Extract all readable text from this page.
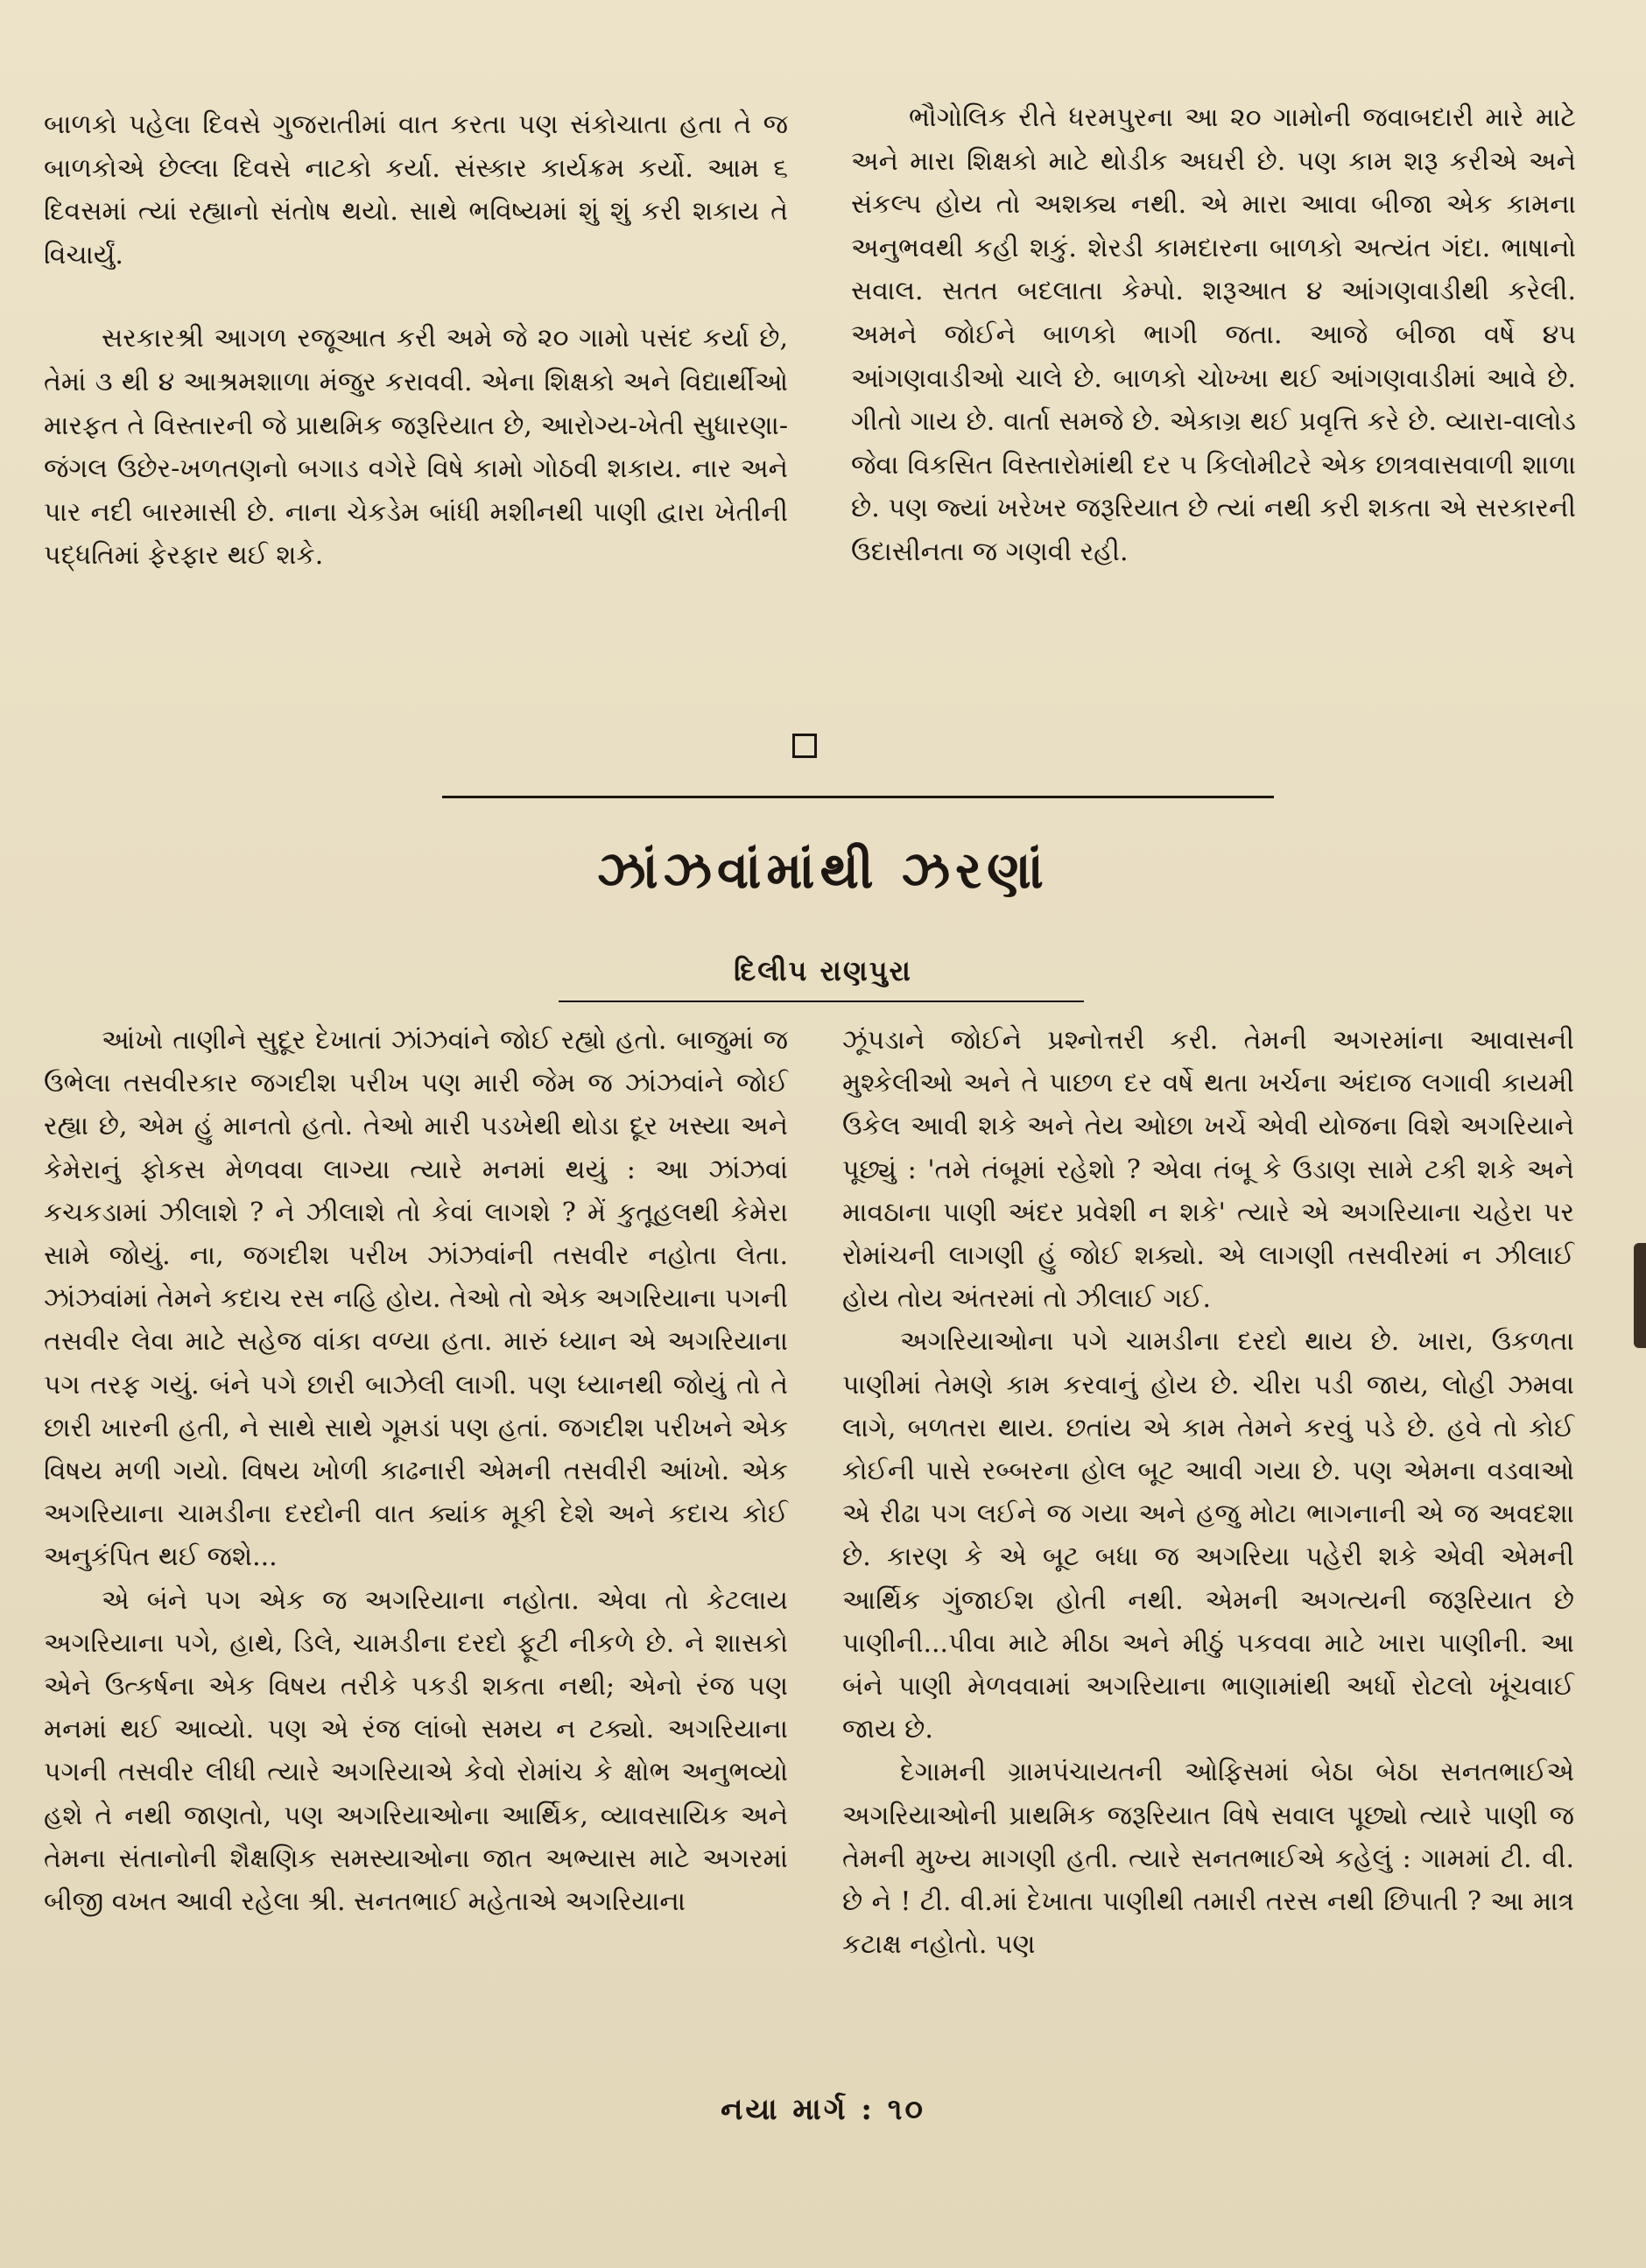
બાળકો પહેલા દિવસે ગુજરાતીમાં વાત કરતા પણ સંકોચાતા હતા તે જ બાળકોએ છેલ્લા દિવસે નાટકો કર્યા. સંસ્કાર કાર્યક્રમ કર્યો. આમ ૬ દિવસમાં ત્યાં રહ્યાનો સંતોષ થયો. સાથે ભવિષ્યમાં શું શું કરી શકાય તે વિચાર્યું.

સરકારશ્રી આગળ રજૂઆત કરી અમે જે ૨૦ ગામો પસંદ કર્યા છે, તેમાં ૩ થી ૪ આશ્રમશાળા મંજુર કરાવવી. એના શિક્ષકો અને વિદ્યાર્થીઓ મારફત તે વિસ્તારની જે પ્રાથમિક જરૂરિયાત છે, આરોગ્ય-ખેતી સુધારણા-જંગલ ઉછેર-ખળતણનો બગાડ વગેરે વિષે કામો ગોઠવી શકાય. નાર અને પાર નદી બારમાસી છે. નાના ચેકડેમ બાંધી મશીનથી પાણી દ્વારા ખેતીની પદ્ધતિમાં ફેરફાર થઈ શકે.

ભૌગોલિક રીતે ધરમપુરના આ ૨૦ ગામોની જવાબદારી મારે માટે અને મારા શિક્ષકો માટે થોડીક અઘરી છે. પણ કામ શરૂ કરીએ અને સંકલ્પ હોય તો અશક્ય નથી. એ મારા આવા બીજા એક કામના અનુભવથી કહી શકું. શેરડી કામદારના બાળકો અત્યંત ગંદા. ભાષાનો સવાલ. સતત બદલાતા કેમ્પો. શરૂઆત ૪ આંગણવાડીથી કરેલી. અમને જોઈને બાળકો ભાગી જતા. આજે બીજા વર્ષે ૪૫ આંગણવાડીઓ ચાલે છે. બાળકો ચોખ્ખા થઈ આંગણવાડીમાં આવે છે. ગીતો ગાય છે. વાર્તા સમજે છે. એકાગ્ર થઈ પ્રવૃત્તિ કરે છે. વ્યારા-વાલોડ જેવા વિકસિત વિસ્તારોમાંથી દર ૫ કિલોમીટરે એક છાત્રવાસવાળી શાળા છે. પણ જ્યાં ખરેખર જરૂરિયાત છે ત્યાં નથી કરી શકતા એ સરકારની ઉદાસીનતા જ ગણવી રહી.

ઝાંઝવાંમાંથી ઝરણાં
દિલીપ રાણપુરા

આંખો તાણીને સુદૂર દેખાતાં ઝાંઝવાંને જોઈ રહ્યો હતો. બાજુમાં જ ઉભેલા તસવીરકાર જગદીશ પરીખ પણ મારી જેમ જ ઝાંઝવાંને જોઈ રહ્યા છે, એમ હું માનતો હતો. તેઓ મારી પડખેથી થોડા દૂર ખસ્યા અને કેમેરાનું ફોકસ મેળવવા લાગ્યા ત્યારે મનમાં થયું : આ ઝાંઝવાં કચકડામાં ઝીલાશે ? ને ઝીલાશે તો કેવાં લાગશે ? મેં કુતૂહલથી કેમેરા સામે જોયું. ના, જગદીશ પરીખ ઝાંઝવાંની તસવીર નહોતા લેતા. ઝાંઝવાંમાં તેમને કદાચ રસ નહિ હોય. તેઓ તો એક અગરિયાના પગની તસવીર લેવા માટે સહેજ વાંકા વળ્યા હતા. મારું ધ્યાન એ અગરિયાના પગ તરફ ગયું. બંને પગે છારી બાઝેલી લાગી. પણ ધ્યાનથી જોયું તો તે છારી ખારની હતી, ને સાથે સાથે ગૂમડાં પણ હતાં. જગદીશ પરીખને એક વિષય મળી ગયો. વિષય ખોળી કાઢનારી એમની તસવીરી આંખો. એક અગરિયાના ચામડીના દરદોની વાત ક્યાંક મૂકી દેશે અને કદાચ કોઈ અનુકંપિત થઈ જશે...

એ બંને પગ એક જ અગરિયાના નહોતા. એવા તો કેટલાય અગરિયાના પગે, હાથે, ડિલે, ચામડીના દરદો ફૂટી નીકળે છે. ને શાસકો એને ઉત્કર્ષના એક વિષય તરીકે પકડી શકતા નથી; એનો રંજ પણ મનમાં થઈ આવ્યો. પણ એ રંજ લાંબો સમય ન ટક્યો. અગરિયાના પગની તસવીર લીધી ત્યારે અગરિયાએ કેવો રોમાંચ કે ક્ષોભ અનુભવ્યો હશે તે નથી જાણતો, પણ અગરિયાઓના આર્થિક, વ્યાવસાયિક અને તેમના સંતાનોની શૈક્ષણિક સમસ્યાઓના જાત અભ્યાસ માટે અગરમાં બીજી વખત આવી રહેલા શ્રી. સનતભાઈ મહેતાએ અગરિયાના

ઝૂંપડાને જોઈને પ્રશ્નોત્તરી કરી. તેમની અગરમાંના આવાસની મુશ્કેલીઓ અને તે પાછળ દર વર્ષે થતા ખર્ચના અંદાજ લગાવી કાયમી ઉકેલ આવી શકે અને તેય ઓછા ખર્ચે એવી યોજના વિશે અગરિયાને પૂછ્યું : 'તમે તંબૂમાં રહેશો ? એવા તંબૂ કે ઉડાણ સામે ટકી શકે અને માવઠાના પાણી અંદર પ્રવેશી ન શકે' ત્યારે એ અગરિયાના ચહેરા પર રોમાંચની લાગણી હું જોઈ શક્યો. એ લાગણી તસવીરમાં ન ઝીલાઈ હોય તોય અંતરમાં તો ઝીલાઈ ગઈ.

અગરિયાઓના પગે ચામડીના દરદો થાય છે. ખારા, ઉકળતા પાણીમાં તેમણે કામ કરવાનું હોય છે. ચીરા પડી જાય, લોહી ઝમવા લાગે, બળતરા થાય. છતાંય એ કામ તેમને કરવું પડે છે. હવે તો કોઈ કોઈની પાસે રબ્બરના હોલ બૂટ આવી ગયા છે. પણ એમના વડવાઓ એ રીઢા પગ લઈને જ ગયા અને હજુ મોટા ભાગનાની એ જ અવદશા છે. કારણ કે એ બૂટ બધા જ અગરિયા પહેરી શકે એવી એમની આર્થિક ગુંજાઈશ હોતી નથી. એમની અગત્યની જરૂરિયાત છે પાણીની...પીવા માટે મીઠા અને મીઠું પકવવા માટે ખારા પાણીની. આ બંને પાણી મેળવવામાં અગરિયાના ભાણામાંથી અર્ધો રોટલો ખૂંચવાઈ જાય છે.

દેગામની ગ્રામપંચાયતની ઓફિસમાં બેઠા બેઠા સનતભાઈએ અગરિયાઓની પ્રાથમિક જરૂરિયાત વિષે સવાલ પૂછ્યો ત્યારે પાણી જ તેમની મુખ્ય માગણી હતી. ત્યારે સનતભાઈએ કહેલું : ગામમાં ટી. વી. છે ને ! ટી. વી.માં દેખાતા પાણીથી તમારી તરસ નથી છિપાતી ? આ માત્ર કટાક્ષ નહોતો. પણ

નયા માર્ગ : ૧૦
